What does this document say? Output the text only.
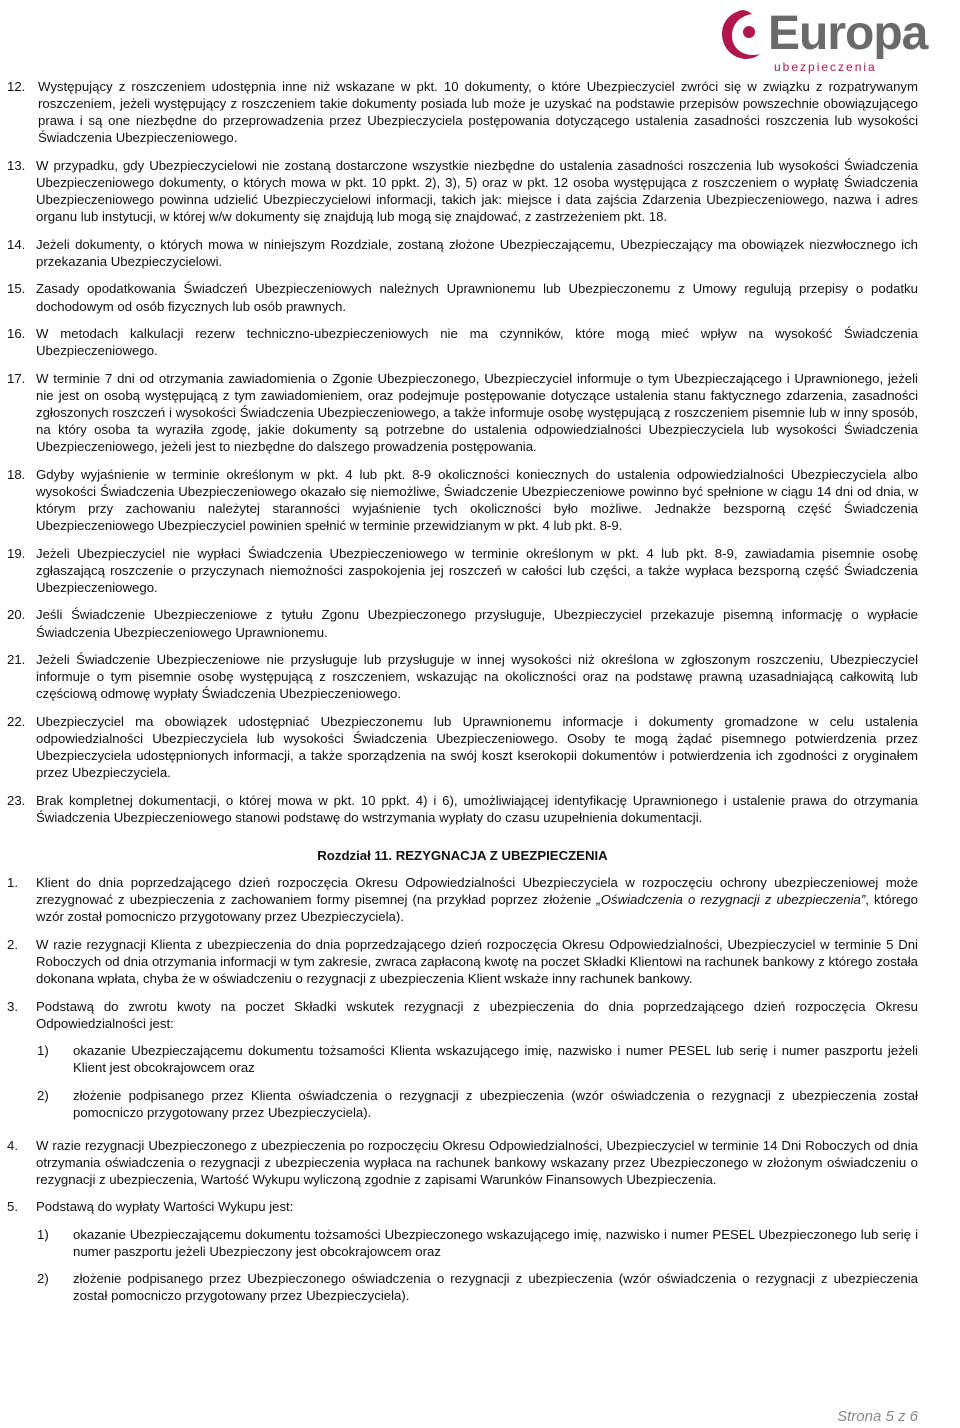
Europa
ubezpieczenia
12. Występujący z roszczeniem udostępnia inne niż wskazane w pkt. 10 dokumenty, o które Ubezpieczyciel zwróci się w związku z rozpatrywanym roszczeniem, jeżeli występujący z roszczeniem takie dokumenty posiada lub może je uzyskać na podstawie przepisów powszechnie obowiązującego prawa i są one niezbędne do przeprowadzenia przez Ubezpieczyciela postępowania dotyczącego ustalenia zasadności roszczenia lub wysokości Świadczenia Ubezpieczeniowego.
13. W przypadku, gdy Ubezpieczycielowi nie zostaną dostarczone wszystkie niezbędne do ustalenia zasadności roszczenia lub wysokości Świadczenia Ubezpieczeniowego dokumenty, o których mowa w pkt. 10 ppkt. 2), 3), 5) oraz w pkt. 12 osoba występująca z roszczeniem o wypłatę Świadczenia Ubezpieczeniowego powinna udzielić Ubezpieczycielowi informacji, takich jak: miejsce i data zajścia Zdarzenia Ubezpieczeniowego, nazwa i adres organu lub instytucji, w której w/w dokumenty się znajdują lub mogą się znajdować, z zastrzeżeniem pkt. 18.
14. Jeżeli dokumenty, o których mowa w niniejszym Rozdziale, zostaną złożone Ubezpieczającemu, Ubezpieczający ma obowiązek niezwłocznego ich przekazania Ubezpieczycielowi.
15. Zasady opodatkowania Świadczeń Ubezpieczeniowych należnych Uprawnionemu lub Ubezpieczonemu z Umowy regulują przepisy o podatku dochodowym od osób fizycznych lub osób prawnych.
16. W metodach kalkulacji rezerw techniczno-ubezpieczeniowych nie ma czynników, które mogą mieć wpływ na wysokość Świadczenia Ubezpieczeniowego.
17. W terminie 7 dni od otrzymania zawiadomienia o Zgonie Ubezpieczonego, Ubezpieczyciel informuje o tym Ubezpieczającego i Uprawnionego, jeżeli nie jest on osobą występującą z tym zawiadomieniem, oraz podejmuje postępowanie dotyczące ustalenia stanu faktycznego zdarzenia, zasadności zgłoszonych roszczeń i wysokości Świadczenia Ubezpieczeniowego, a także informuje osobę występującą z roszczeniem pisemnie lub w inny sposób, na który osoba ta wyraziła zgodę, jakie dokumenty są potrzebne do ustalenia odpowiedzialności Ubezpieczyciela lub wysokości Świadczenia Ubezpieczeniowego, jeżeli jest to niezbędne do dalszego prowadzenia postępowania.
18. Gdyby wyjaśnienie w terminie określonym w pkt. 4 lub pkt. 8-9 okoliczności koniecznych do ustalenia odpowiedzialności Ubezpieczyciela albo wysokości Świadczenia Ubezpieczeniowego okazało się niemożliwe, Świadczenie Ubezpieczeniowe powinno być spełnione w ciągu 14 dni od dnia, w którym przy zachowaniu należytej staranności wyjaśnienie tych okoliczności było możliwe. Jednakże bezsporną część Świadczenia Ubezpieczeniowego Ubezpieczyciel powinien spełnić w terminie przewidzianym w pkt. 4 lub pkt. 8-9.
19. Jeżeli Ubezpieczyciel nie wypłaci Świadczenia Ubezpieczeniowego w terminie określonym w pkt. 4 lub pkt. 8-9, zawiadamia pisemnie osobę zgłaszającą roszczenie o przyczynach niemożności zaspokojenia jej roszczeń w całości lub części, a także wypłaca bezsporną część Świadczenia Ubezpieczeniowego.
20. Jeśli Świadczenie Ubezpieczeniowe z tytułu Zgonu Ubezpieczonego przysługuje, Ubezpieczyciel przekazuje pisemną informację o wypłacie Świadczenia Ubezpieczeniowego Uprawnionemu.
21. Jeżeli Świadczenie Ubezpieczeniowe nie przysługuje lub przysługuje w innej wysokości niż określona w zgłoszonym roszczeniu, Ubezpieczyciel informuje o tym pisemnie osobę występującą z roszczeniem, wskazując na okoliczności oraz na podstawę prawną uzasadniającą całkowitą lub częściową odmowę wypłaty Świadczenia Ubezpieczeniowego.
22. Ubezpieczyciel ma obowiązek udostępniać Ubezpieczonemu lub Uprawnionemu informacje i dokumenty gromadzone w celu ustalenia odpowiedzialności Ubezpieczyciela lub wysokości Świadczenia Ubezpieczeniowego. Osoby te mogą żądać pisemnego potwierdzenia przez Ubezpieczyciela udostępnionych informacji, a także sporządzenia na swój koszt kserokopii dokumentów i potwierdzenia ich zgodności z oryginałem przez Ubezpieczyciela.
23. Brak kompletnej dokumentacji, o której mowa w pkt. 10 ppkt. 4) i 6), umożliwiającej identyfikację Uprawnionego i ustalenie prawa do otrzymania Świadczenia Ubezpieczeniowego stanowi podstawę do wstrzymania wypłaty do czasu uzupełnienia dokumentacji.
Rozdział 11. REZYGNACJA Z UBEZPIECZENIA
1. Klient do dnia poprzedzającego dzień rozpoczęcia Okresu Odpowiedzialności Ubezpieczyciela w rozpoczęciu ochrony ubezpieczeniowej może zrezygnować z ubezpieczenia z zachowaniem formy pisemnej (na przykład poprzez złożenie „Oświadczenia o rezygnacji z ubezpieczenia”, którego wzór został pomocniczo przygotowany przez Ubezpieczyciela).
2. W razie rezygnacji Klienta z ubezpieczenia do dnia poprzedzającego dzień rozpoczęcia Okresu Odpowiedzialności, Ubezpieczyciel w terminie 5 Dni Roboczych od dnia otrzymania informacji w tym zakresie, zwraca zapłaconą kwotę na poczet Składki Klientowi na rachunek bankowy z którego została dokonana wpłata, chyba że w oświadczeniu o rezygnacji z ubezpieczenia Klient wskaże inny rachunek bankowy.
3. Podstawą do zwrotu kwoty na poczet Składki wskutek rezygnacji z ubezpieczenia do dnia poprzedzającego dzień rozpoczęcia Okresu Odpowiedzialności jest:
1) okazanie Ubezpieczającemu dokumentu tożsamości Klienta wskazującego imię, nazwisko i numer PESEL lub serię i numer paszportu jeżeli Klient jest obcokrajowcem oraz
2) złożenie podpisanego przez Klienta oświadczenia o rezygnacji z ubezpieczenia (wzór oświadczenia o rezygnacji z ubezpieczenia został pomocniczo przygotowany przez Ubezpieczyciela).
4. W razie rezygnacji Ubezpieczonego z ubezpieczenia po rozpoczęciu Okresu Odpowiedzialności, Ubezpieczyciel w terminie 14 Dni Roboczych od dnia otrzymania oświadczenia o rezygnacji z ubezpieczenia wypłaca na rachunek bankowy wskazany przez Ubezpieczonego w złożonym oświadczeniu o rezygnacji z ubezpieczenia, Wartość Wykupu wyliczoną zgodnie z zapisami Warunków Finansowych Ubezpieczenia.
5. Podstawą do wypłaty Wartości Wykupu jest:
1) okazanie Ubezpieczającemu dokumentu tożsamości Ubezpieczonego wskazującego imię, nazwisko i numer PESEL Ubezpieczonego lub serię i numer paszportu jeżeli Ubezpieczony jest obcokrajowcem oraz
2) złożenie podpisanego przez Ubezpieczonego oświadczenia o rezygnacji z ubezpieczenia (wzór oświadczenia o rezygnacji z ubezpieczenia został pomocniczo przygotowany przez Ubezpieczyciela).
Strona 5 z 6
